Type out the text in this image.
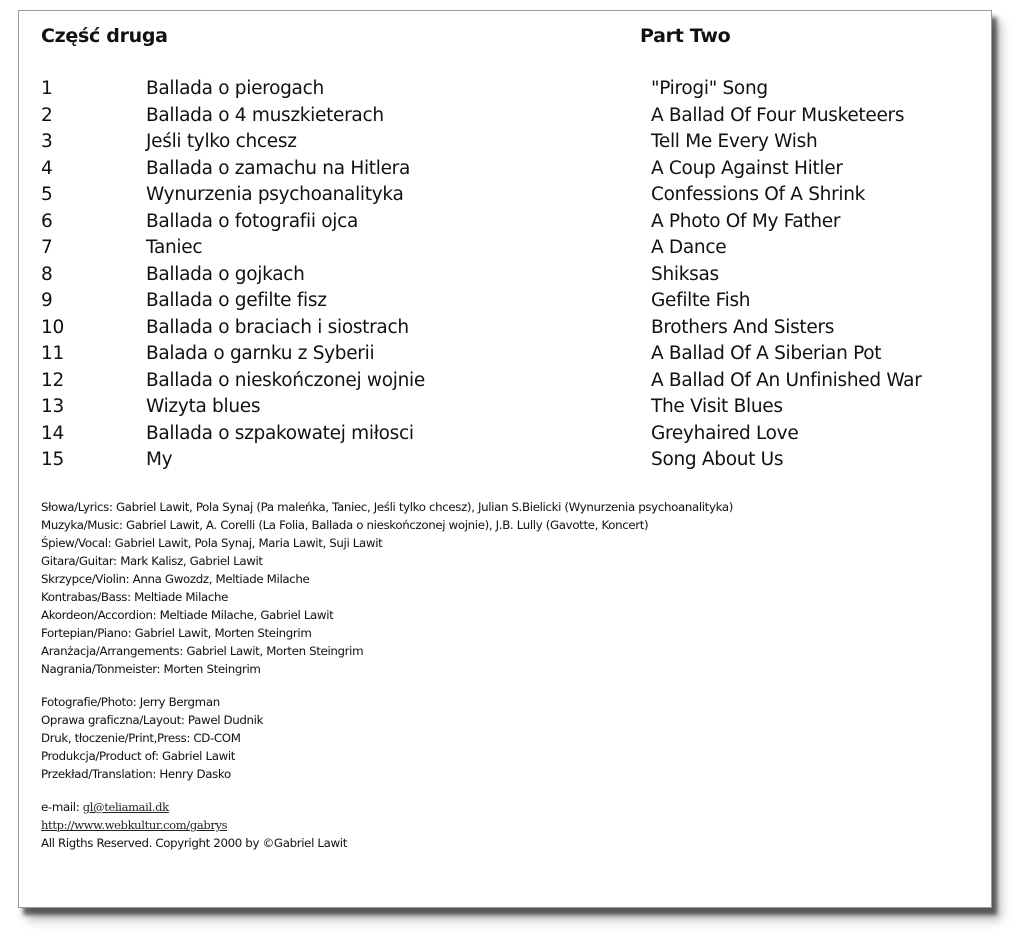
Część druga	Part Two
1	Ballada o pierogach	"Pirogi" Song
2	Ballada o 4 muszkieterach	A Ballad Of Four Musketeers
3	Jeśli tylko chcesz	Tell Me Every Wish
4	Ballada o zamachu na Hitlera	A Coup Against Hitler
5	Wynurzenia psychoanalityka	Confessions Of A Shrink
6	Ballada o fotografii ojca	A Photo Of My Father
7	Taniec	A Dance
8	Ballada o gojkach	Shiksas
9	Ballada o gefilte fisz	Gefilte Fish
10	Ballada o braciach i siostrach	Brothers And Sisters
11	Balada o garnku z Syberii	A Ballad Of A Siberian Pot
12	Ballada o nieskończonej wojnie	A Ballad Of An Unfinished War
13	Wizyta blues	The Visit Blues
14	Ballada o szpakowatej miłosci	Greyhaired Love
15	My	Song About Us
Słowa/Lyrics: Gabriel Lawit, Pola Synaj (Pa maleńka, Taniec, Jeśli tylko chcesz), Julian S.Bielicki (Wynurzenia psychoanalityka)
Muzyka/Music: Gabriel Lawit, A. Corelli (La Folia, Ballada o nieskończonej wojnie), J.B. Lully (Gavotte, Koncert)
Śpiew/Vocal: Gabriel Lawit, Pola Synaj, Maria Lawit, Suji Lawit
Gitara/Guitar: Mark Kalisz, Gabriel Lawit
Skrzypce/Violin: Anna Gwozdz, Meltiade Milache
Kontrabas/Bass: Meltiade Milache
Akordeon/Accordion: Meltiade Milache, Gabriel Lawit
Fortepian/Piano: Gabriel Lawit, Morten Steingrim
Aranżacja/Arrangements: Gabriel Lawit, Morten Steingrim
Nagrania/Tonmeister: Morten Steingrim
Fotografie/Photo: Jerry Bergman
Oprawa graficzna/Layout: Pawel Dudnik
Druk, tłoczenie/Print,Press: CD-COM
Produkcja/Product of: Gabriel Lawit
Przekład/Translation: Henry Dasko
e-mail: gl@teliamail.dk
http://www.webkultur.com/gabrys
All Rigths Reserved. Copyright 2000 by ©Gabriel Lawit
